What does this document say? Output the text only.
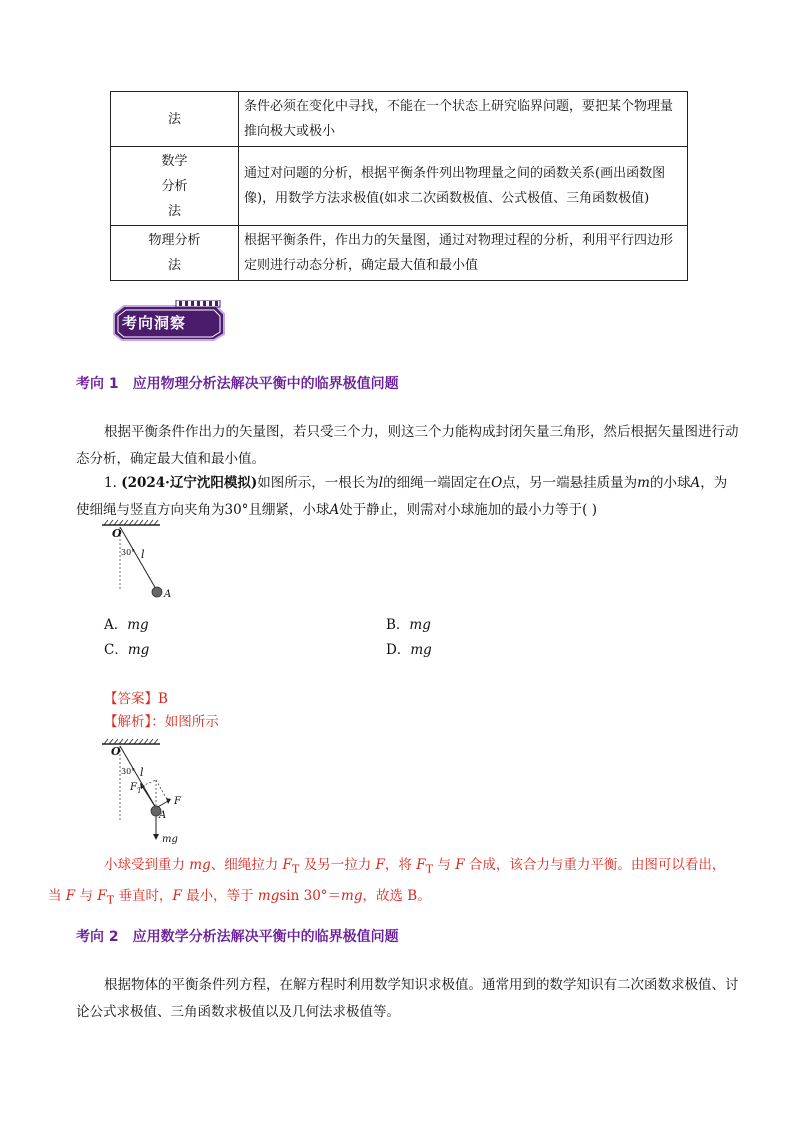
法	条件必须在变化中寻找，不能在一个状态上研究临界问题，要把某个物理量推向极大或极小

数学
分析
法	通过对问题的分析，根据平衡条件列出物理量之间的函数关系(画出函数图像)，用数学方法求极值(如求二次函数极值、公式极值、三角函数极值)

物理分析
法	根据平衡条件，作出力的矢量图，通过对物理过程的分析，利用平行四边形定则进行动态分析，确定最大值和最小值
考向洞察
考向 1 应用物理分析法解决平衡中的临界极值问题
根据平衡条件作出力的矢量图，若只受三个力，则这三个力能构成封闭矢量三角形，然后根据矢量图进行动态分析，确定最大值和最小值。
1. (2024·辽宁沈阳模拟)如图所示，一根长为l的细绳一端固定在O点，另一端悬挂质量为m的小球A，为使细绳与竖直方向夹角为30°且绷紧，小球A处于静止，则需对小球施加的最小力等于( )
O
30° l
A
A．mg	B．mg
C．mg	D．mg
【答案】B
【解析】：如图所示
O
30° l
$F_T$
F
A
mg
小球受到重力 mg、细绳拉力 $F_T$ 及另一拉力 F，将 $F_T$ 与 F 合成，该合力与重力平衡。由图可以看出，
当 F 与 $F_T$ 垂直时，F 最小，等于 mgsin 30°＝mg，故选 B。
考向 2 应用数学分析法解决平衡中的临界极值问题
根据物体的平衡条件列方程，在解方程时利用数学知识求极值。通常用到的数学知识有二次函数求极值、讨论公式求极值、三角函数求极值以及几何法求极值等。
